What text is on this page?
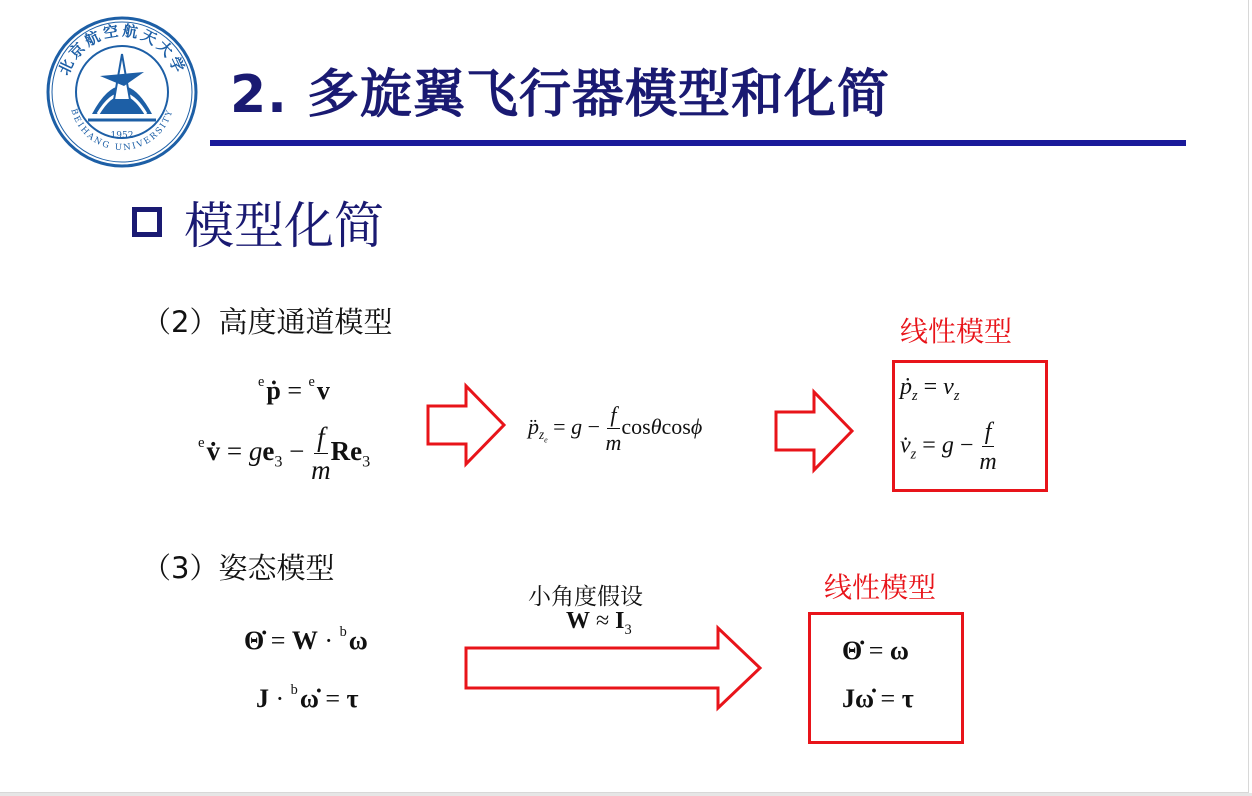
北京航空航天大学
BEIHANG UNIVERSITY
1952
2. 多旋翼飞行器模型和化简
模型化简
（2）高度通道模型	线性模型
$^e$ṗ = $^e$v
$^e$v̇ = $ge_3 - \frac{f}{m} Re_3$
$p̈_{z_e} = g - \frac{f}{m}$ cosθcosϕ
ṗ$_z$ = $v_z$
$v̇_z = g - \frac{f}{m}$
（3）姿态模型
线性模型
小角度假设
$W \approx I_3$
Θ̇ = W · $^b$ω
J · $^b$ω̇ = τ
Θ̇ = ω
Jω̇ = τ
